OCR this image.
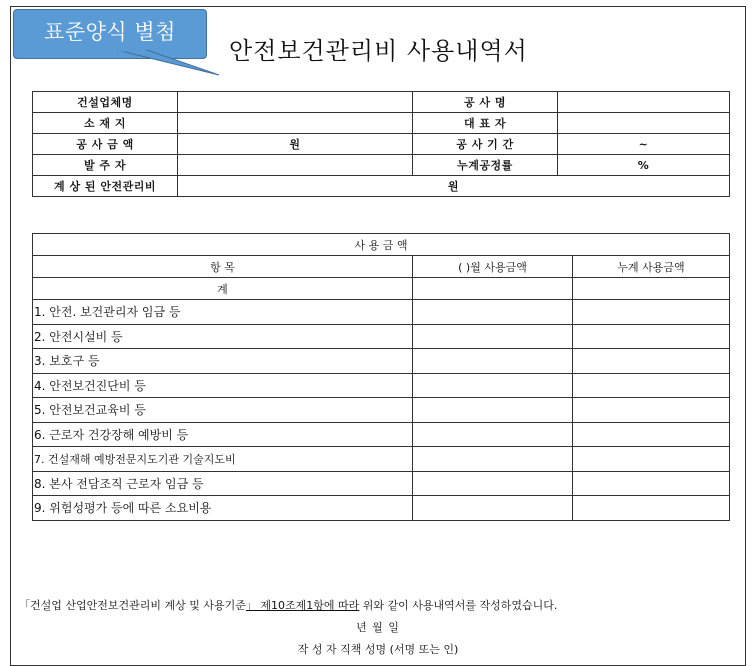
표준양식 별첨
안전보건관리비 사용내역서
건설업체명		공 사 명	
소 재 지		대 표 자	
공 사 금 액	원	공 사 기 간	~
발 주 자		누계공정률	%
계 상 된 안전관리비	원		
사 용 금 액		
항 목	( )월 사용금액	누계 사용금액
계		
1. 안전. 보건관리자 임금 등		
2. 안전시설비 등		
3. 보호구 등		
4. 안전보건진단비 등		
5. 안전보건교육비 등		
6. 근로자 건강장해 예방비 등		
7. 건설재해 예방전문지도기관 기술지도비		
8. 본사 전담조직 근로자 임금 등		
9. 위험성평가 등에 따른 소요비용		
「건설업 산업안전보건관리비 계상 및 사용기준」 제10조제1항에 따라 위와 같이 사용내역서를 작성하였습니다.
년 월 일
작 성 자 직책 성명 (서명 또는 인)
